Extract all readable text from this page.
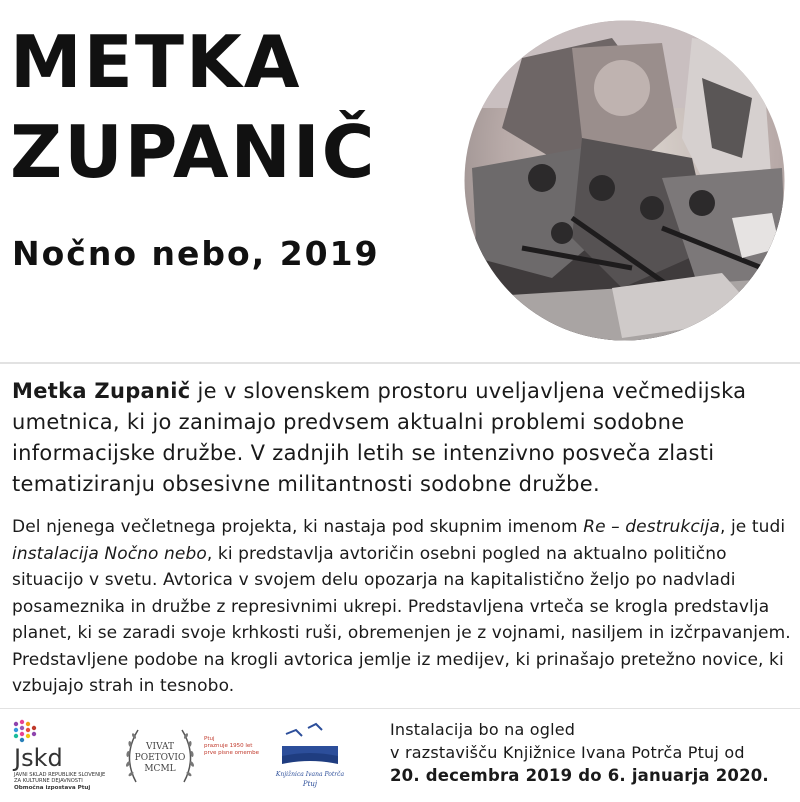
METKA
ZUPANIČ
Nočno nebo, 2019
Metka Zupanič je v slovenskem prostoru uveljavljena večmedijska umetnica, ki jo zanimajo predvsem aktualni problemi sodobne informacijske družbe. V zadnjih letih se intenzivno posveča zlasti tematiziranju obsesivne militantnosti sodobne družbe.
Del njenega večletnega projekta, ki nastaja pod skupnim imenom Re – destrukcija, je tudi instalacija Nočno nebo, ki predstavlja avtoričin osebni pogled na aktualno politično situacijo v svetu. Avtorica v svojem delu opozarja na kapitalistično željo po nadvladi posameznika in družbe z represivnimi ukrepi. Predstavljena vrteča se krogla predstavlja planet, ki se zaradi svoje krhkosti ruši, obremenjen je z vojnami, nasiljem in izčrpavanjem. Predstavljene podobe na krogli avtorica jemlje iz medijev, ki prinašajo pretežno novice, ki vzbujajo strah in tesnobo.
Jskd
JAVNI SKLAD REPUBLIKE SLOVENIJE
ZA KULTURNE DEJAVNOSTI
Območna izpostava Ptuj
VIVAT
POETOVIO
MCML
Ptuj
praznuje 1950 let
prve pisne omembe
Knjižnica Ivana Potrča
Ptuj
Instalacija bo na ogled
v razstavišču Knjižnice Ivana Potrča Ptuj od
20. decembra 2019 do 6. januarja 2020.
